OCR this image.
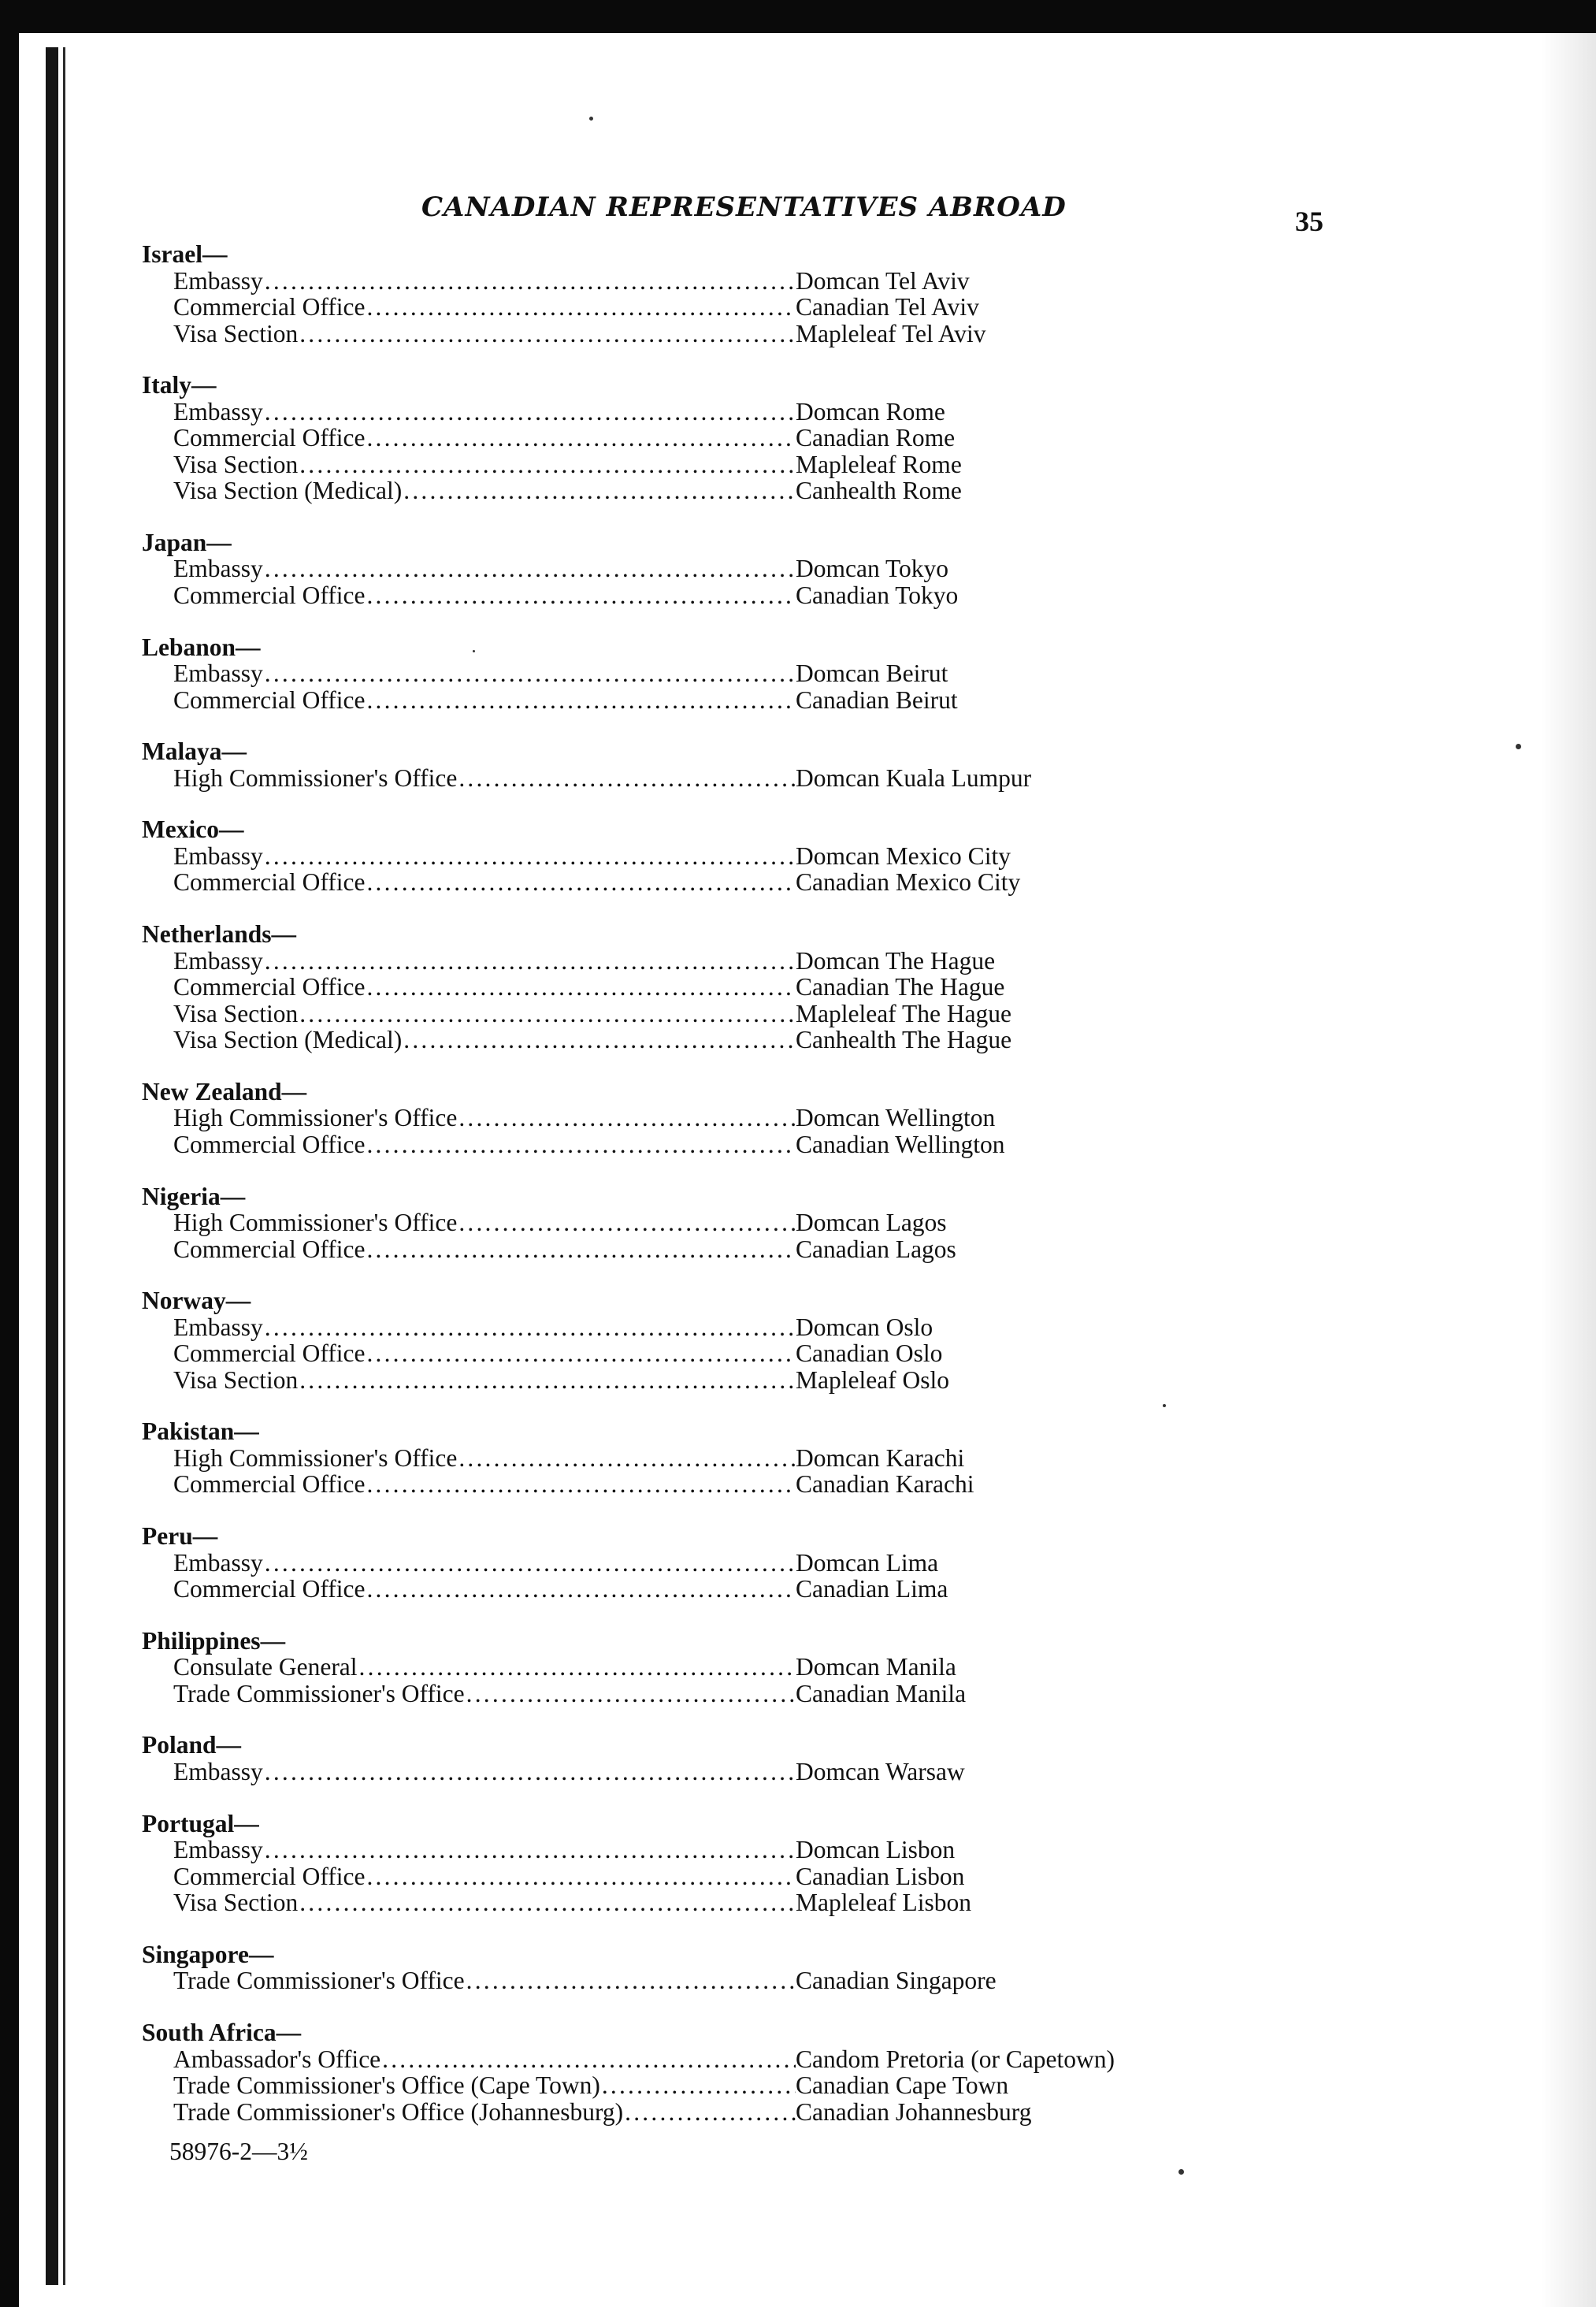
CANADIAN REPRESENTATIVES ABROAD	35
Israel—
Embassy .....	Domcan Tel Aviv
Commercial Office .....	Canadian Tel Aviv
Visa Section .....	Mapleleaf Tel Aviv
Italy—
Embassy .....	Domcan Rome
Commercial Office .....	Canadian Rome
Visa Section .....	Mapleleaf Rome
Visa Section (Medical) .....	Canhealth Rome
Japan—
Embassy .....	Domcan Tokyo
Commercial Office .....	Canadian Tokyo
Lebanon—
Embassy .....	Domcan Beirut
Commercial Office .....	Canadian Beirut
Malaya—
High Commissioner's Office .....	Domcan Kuala Lumpur
Mexico—
Embassy .....	Domcan Mexico City
Commercial Office .....	Canadian Mexico City
Netherlands—
Embassy .....	Domcan The Hague
Commercial Office .....	Canadian The Hague
Visa Section .....	Mapleleaf The Hague
Visa Section (Medical) .....	Canhealth The Hague
New Zealand—
High Commissioner's Office .....	Domcan Wellington
Commercial Office .....	Canadian Wellington
Nigeria—
High Commissioner's Office .....	Domcan Lagos
Commercial Office .....	Canadian Lagos
Norway—
Embassy .....	Domcan Oslo
Commercial Office .....	Canadian Oslo
Visa Section .....	Mapleleaf Oslo
Pakistan—
High Commissioner's Office .....	Domcan Karachi
Commercial Office .....	Canadian Karachi
Peru—
Embassy .....	Domcan Lima
Commercial Office .....	Canadian Lima
Philippines—
Consulate General .....	Domcan Manila
Trade Commissioner's Office .....	Canadian Manila
Poland—
Embassy .....	Domcan Warsaw
Portugal—
Embassy .....	Domcan Lisbon
Commercial Office .....	Canadian Lisbon
Visa Section .....	Mapleleaf Lisbon
Singapore—
Trade Commissioner's Office .....	Canadian Singapore
South Africa—
Ambassador's Office .....	Candom Pretoria (or Capetown)
Trade Commissioner's Office (Cape Town) .....	Canadian Cape Town
Trade Commissioner's Office (Johannesburg) .....	Canadian Johannesburg
58976-2—3½
